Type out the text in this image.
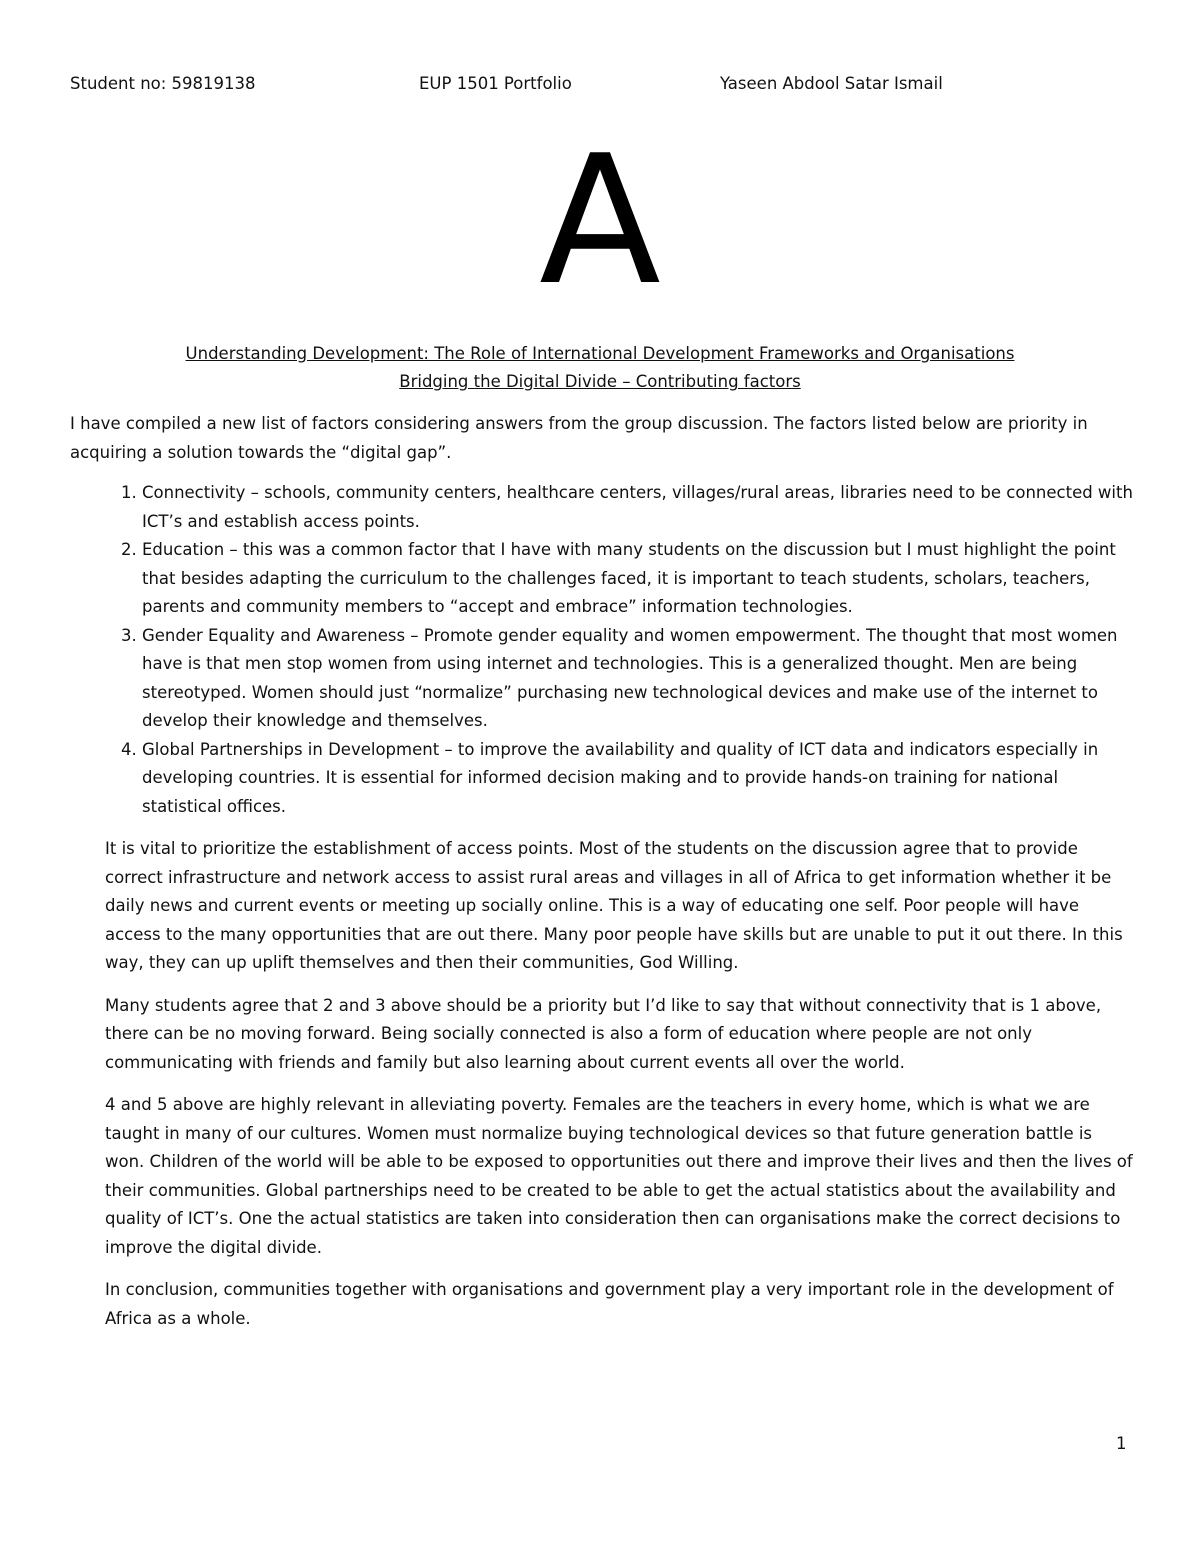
Student no: 59819138	EUP 1501 Portfolio	Yaseen Abdool Satar Ismail
A
Understanding Development: The Role of International Development Frameworks and Organisations
Bridging the Digital Divide – Contributing factors

I have compiled a new list of factors considering answers from the group discussion. The factors listed below are priority in acquiring a solution towards the “digital gap”.

1. Connectivity – schools, community centers, healthcare centers, villages/rural areas, libraries need to be connected with ICT’s and establish access points.
2. Education – this was a common factor that I have with many students on the discussion but I must highlight the point that besides adapting the curriculum to the challenges faced, it is important to teach students, scholars, teachers, parents and community members to “accept and embrace” information technologies.
3. Gender Equality and Awareness – Promote gender equality and women empowerment. The thought that most women have is that men stop women from using internet and technologies. This is a generalized thought. Men are being stereotyped. Women should just “normalize” purchasing new technological devices and make use of the internet to develop their knowledge and themselves.
4. Global Partnerships in Development – to improve the availability and quality of ICT data and indicators especially in developing countries. It is essential for informed decision making and to provide hands-on training for national statistical offices.

It is vital to prioritize the establishment of access points. Most of the students on the discussion agree that to provide correct infrastructure and network access to assist rural areas and villages in all of Africa to get information whether it be daily news and current events or meeting up socially online. This is a way of educating one self. Poor people will have access to the many opportunities that are out there. Many poor people have skills but are unable to put it out there. In this way, they can up uplift themselves and then their communities, God Willing.

Many students agree that 2 and 3 above should be a priority but I’d like to say that without connectivity that is 1 above, there can be no moving forward. Being socially connected is also a form of education where people are not only communicating with friends and family but also learning about current events all over the world.

4 and 5 above are highly relevant in alleviating poverty. Females are the teachers in every home, which is what we are taught in many of our cultures. Women must normalize buying technological devices so that future generation battle is won. Children of the world will be able to be exposed to opportunities out there and improve their lives and then the lives of their communities. Global partnerships need to be created to be able to get the actual statistics about the availability and quality of ICT’s. One the actual statistics are taken into consideration then can organisations make the correct decisions to improve the digital divide.

In conclusion, communities together with organisations and government play a very important role in the development of Africa as a whole.

1
